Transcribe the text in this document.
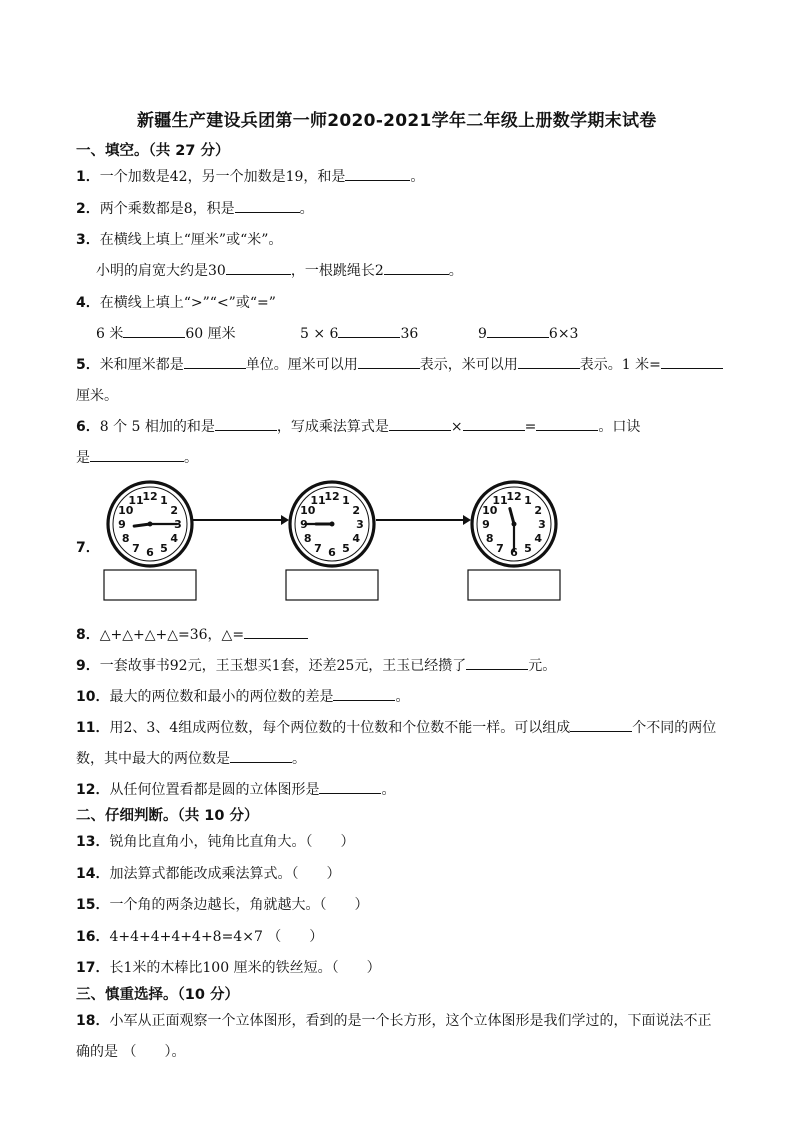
新疆生产建设兵团第一师2020-2021学年二年级上册数学期末试卷
一、填空。（共 27 分）
1．一个加数是42，另一个加数是19，和是	。
2．两个乘数都是8，积是	。
3．在横线上填上“厘米”或“米”。
小明的肩宽大约是30	，一根跳绳长2	。
4．在横线上填上“>”“<”或“=”
6 米	60 厘米	5 × 6	36	9	6×3
5．米和厘米都是	单位。厘米可以用	表示，米可以用	表示。1 米=
厘米。
6．8 个 5 相加的和是	，写成乘法算式是	×	=	。口诀
是	。
7．
1
2
3
4
5
6
7
8
9
10
11
12	1
2
3
4
5
6
7
8
9
10
11
12	1
2
3
4
5
6
7
8
9
10
11
12
8．△+△+△+△=36，△=
9．一套故事书92元，王玉想买1套，还差25元，王玉已经攒了	元。
10．最大的两位数和最小的两位数的差是	。
11．用2、3、4组成两位数，每个两位数的十位数和个位数不能一样。可以组成	个不同的两位
数，其中最大的两位数是	。
12．从任何位置看都是圆的立体图形是	。
二、仔细判断。（共 10 分）
13．锐角比直角小，钝角比直角大。（　　）
14．加法算式都能改成乘法算式。（　　）
15．一个角的两条边越长，角就越大。（　　）
16．4+4+4+4+4+8=4×7 （　　）
17．长1米的木棒比100 厘米的铁丝短。（　　）
三、慎重选择。（10 分）
18．小军从正面观察一个立体图形，看到的是一个长方形，这个立体图形是我们学过的，下面说法不正
确的是 （　　）。
